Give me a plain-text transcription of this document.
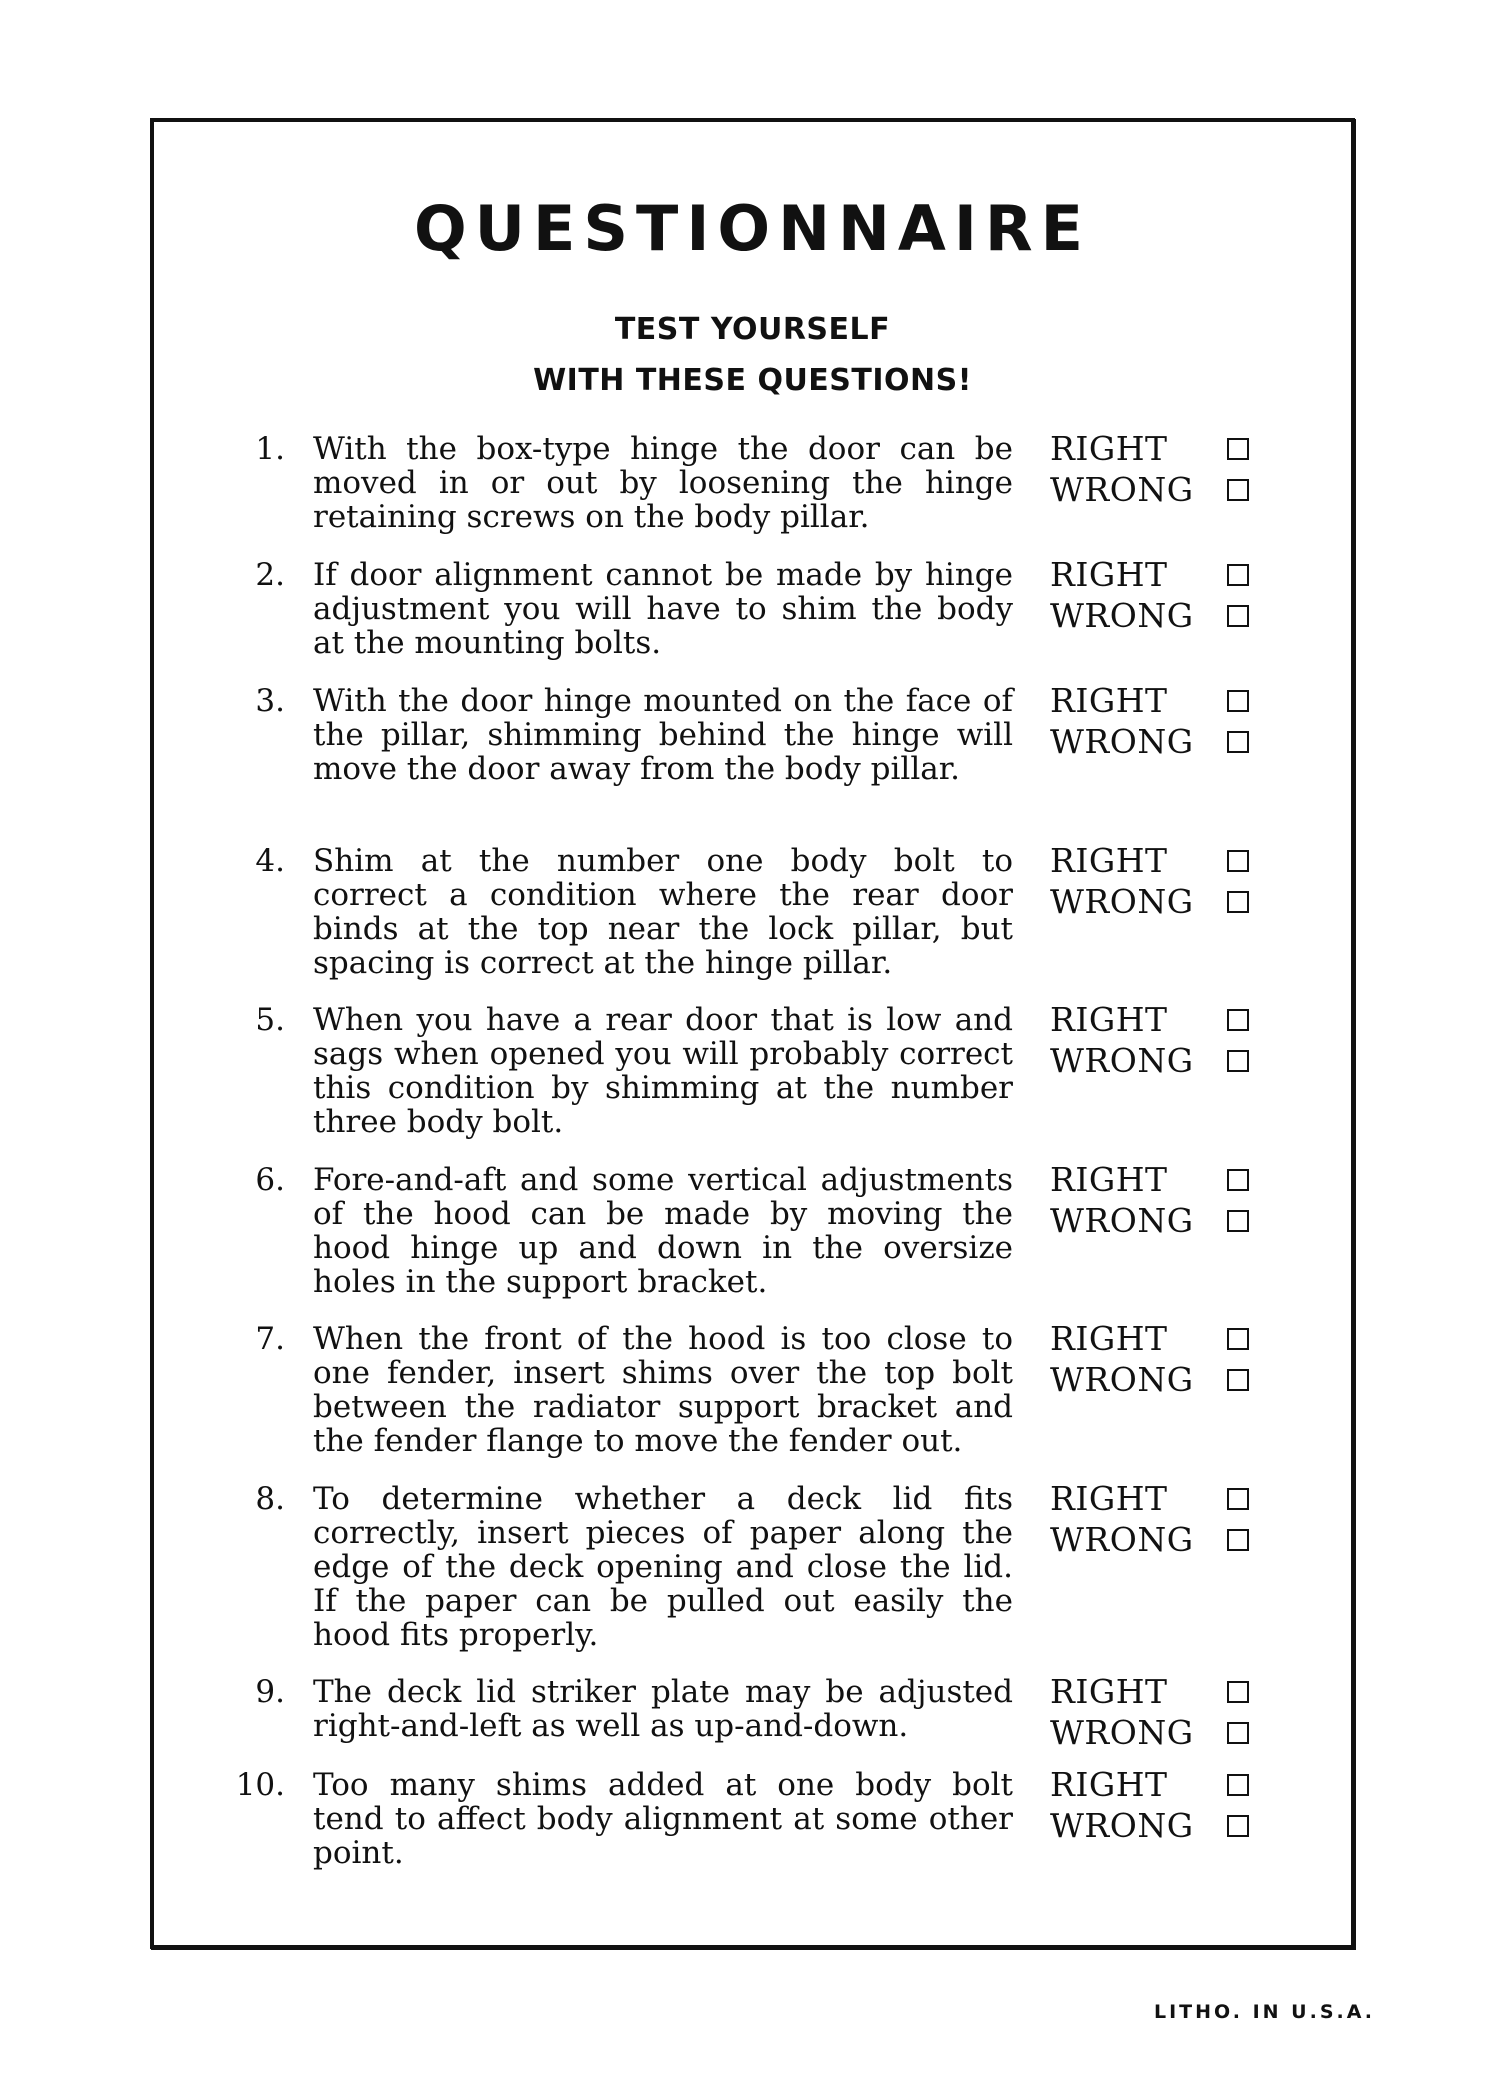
QUESTIONNAIRE
TEST YOURSELF
WITH THESE QUESTIONS!
1. With the box-type hinge the door can be moved in or out by loosening the hinge retaining screws on the body pillar.
RIGHT
WRONG
2. If door alignment cannot be made by hinge adjustment you will have to shim the body at the mounting bolts.
RIGHT
WRONG
3. With the door hinge mounted on the face of the pillar, shimming behind the hinge will move the door away from the body pillar.
RIGHT
WRONG
4. Shim at the number one body bolt to correct a condition where the rear door binds at the top near the lock pillar, but spacing is correct at the hinge pillar.
RIGHT
WRONG
5. When you have a rear door that is low and sags when opened you will probably correct this condition by shimming at the number three body bolt.
RIGHT
WRONG
6. Fore-and-aft and some vertical adjustments of the hood can be made by moving the hood hinge up and down in the oversize holes in the support bracket.
RIGHT
WRONG
7. When the front of the hood is too close to one fender, insert shims over the top bolt between the radiator support bracket and the fender flange to move the fender out.
RIGHT
WRONG
8. To determine whether a deck lid fits correctly, insert pieces of paper along the edge of the deck opening and close the lid. If the paper can be pulled out easily the hood fits properly.
RIGHT
WRONG
9. The deck lid striker plate may be adjusted right-and-left as well as up-and-down.
RIGHT
WRONG
10. Too many shims added at one body bolt tend to affect body alignment at some other point.
RIGHT
WRONG
LITHO. IN U.S.A.
